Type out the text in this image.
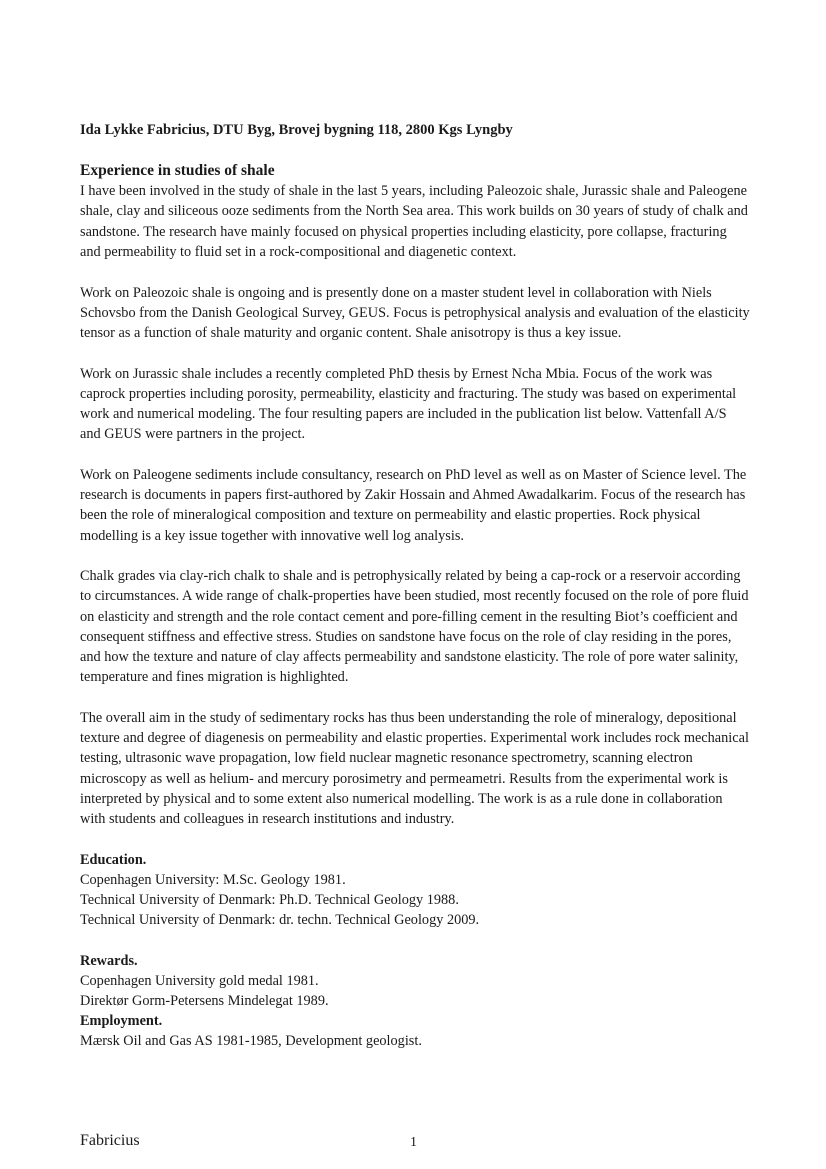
Ida Lykke Fabricius, DTU Byg, Brovej bygning 118, 2800 Kgs Lyngby
Experience in studies of shale

I have been involved in the study of shale in the last 5 years, including Paleozoic shale, Jurassic shale and Paleogene shale, clay and siliceous ooze sediments from the North Sea area. This work builds on 30 years of study of chalk and sandstone. The research have mainly focused on physical properties including elasticity, pore collapse, fracturing and permeability to fluid set in a rock-compositional and diagenetic context.

Work on Paleozoic shale is ongoing and is presently done on a master student level in collaboration with Niels Schovsbo from the Danish Geological Survey, GEUS. Focus is petrophysical analysis and evaluation of the elasticity tensor as a function of shale maturity and organic content. Shale anisotropy is thus a key issue.

Work on Jurassic shale includes a recently completed PhD thesis by Ernest Ncha Mbia. Focus of the work was caprock properties including porosity, permeability, elasticity and fracturing. The study was based on experimental work and numerical modeling. The four resulting papers are included in the publication list below. Vattenfall A/S and GEUS were partners in the project.

Work on Paleogene sediments include consultancy, research on PhD level as well as on Master of Science level. The research is documents in papers first-authored by Zakir Hossain and Ahmed Awadalkarim. Focus of the research has been the role of mineralogical composition and texture on permeability and elastic properties. Rock physical modelling is a key issue together with innovative well log analysis.

Chalk grades via clay-rich chalk to shale and is petrophysically related by being a cap-rock or a reservoir according to circumstances. A wide range of chalk-properties have been studied, most recently focused on the role of pore fluid on elasticity and strength and the role contact cement and pore-filling cement in the resulting Biot’s coefficient and consequent stiffness and effective stress. Studies on sandstone have focus on the role of clay residing in the pores, and how the texture and nature of clay affects permeability and sandstone elasticity. The role of pore water salinity, temperature and fines migration is highlighted.

The overall aim in the study of sedimentary rocks has thus been understanding the role of mineralogy, depositional texture and degree of diagenesis on permeability and elastic properties. Experimental work includes rock mechanical testing, ultrasonic wave propagation, low field nuclear magnetic resonance spectrometry, scanning electron microscopy as well as helium- and mercury porosimetry and permeametri. Results from the experimental work is interpreted by physical and to some extent also numerical modelling. The work is as a rule done in collaboration with students and colleagues in research institutions and industry.

Education.
Copenhagen University: M.Sc. Geology 1981.
Technical University of Denmark: Ph.D. Technical Geology 1988.
Technical University of Denmark: dr. techn. Technical Geology 2009.
Rewards.
Copenhagen University gold medal 1981.
Direktør Gorm-Petersens Mindelegat 1989.
Employment.
Mærsk Oil and Gas AS 1981-1985, Development geologist.
Fabricius	1
